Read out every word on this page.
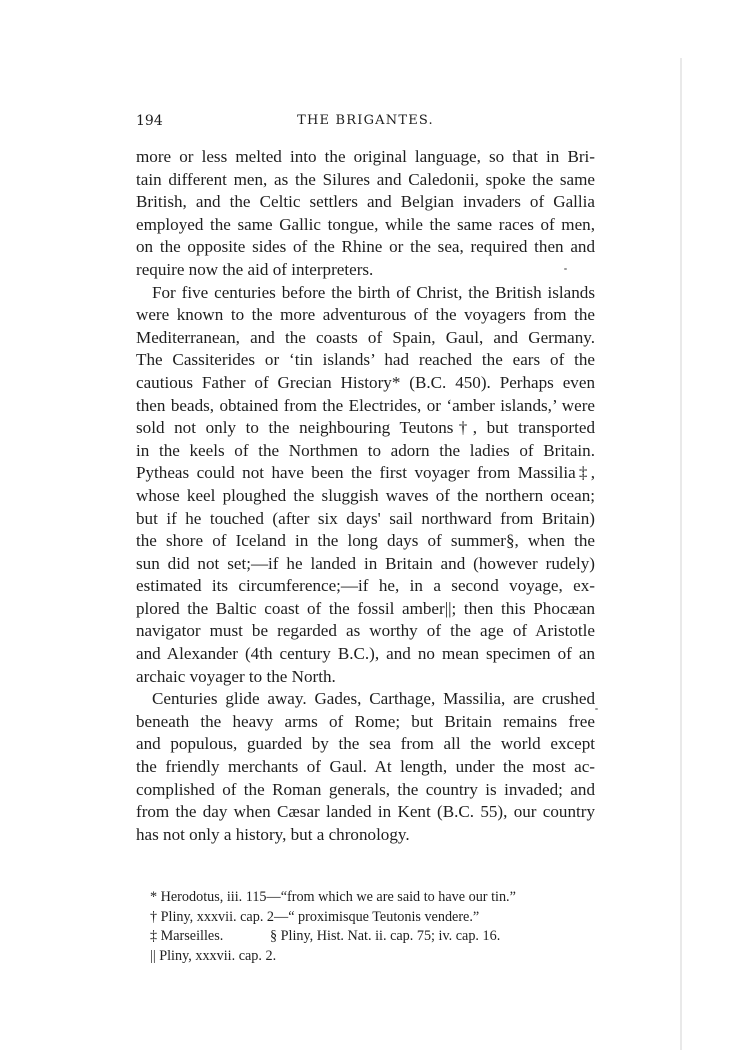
194	THE BRIGANTES.
more or less melted into the original language, so that in Bri-
tain different men, as the Silures and Caledonii, spoke the same
British, and the Celtic settlers and Belgian invaders of Gallia
employed the same Gallic tongue, while the same races of men,
on the opposite sides of the Rhine or the sea, required then and
require now the aid of interpreters.
For five centuries before the birth of Christ, the British islands
were known to the more adventurous of the voyagers from the
Mediterranean, and the coasts of Spain, Gaul, and Germany.
The Cassiterides or ‘tin islands’ had reached the ears of the
cautious Father of Grecian History* (B.C. 450). Perhaps even
then beads, obtained from the Electrides, or ‘amber islands,’ were
sold not only to the neighbouring Teutons†, but transported
in the keels of the Northmen to adorn the ladies of Britain.
Pytheas could not have been the first voyager from Massilia‡,
whose keel ploughed the sluggish waves of the northern ocean;
but if he touched (after six days' sail northward from Britain)
the shore of Iceland in the long days of summer§, when the
sun did not set;—if he landed in Britain and (however rudely)
estimated its circumference;—if he, in a second voyage, ex-
plored the Baltic coast of the fossil amber||; then this Phocæan
navigator must be regarded as worthy of the age of Aristotle
and Alexander (4th century B.C.), and no mean specimen of an
archaic voyager to the North.
Centuries glide away. Gades, Carthage, Massilia, are crushed
beneath the heavy arms of Rome; but Britain remains free
and populous, guarded by the sea from all the world except
the friendly merchants of Gaul. At length, under the most ac-
complished of the Roman generals, the country is invaded; and
from the day when Cæsar landed in Kent (B.C. 55), our country
has not only a history, but a chronology.
* Herodotus, iii. 115—“from which we are said to have our tin.”
† Pliny, xxxvii. cap. 2—“ proximisque Teutonis vendere.”
‡ Marseilles.	§ Pliny, Hist. Nat. ii. cap. 75; iv. cap. 16.
|| Pliny, xxxvii. cap. 2.
